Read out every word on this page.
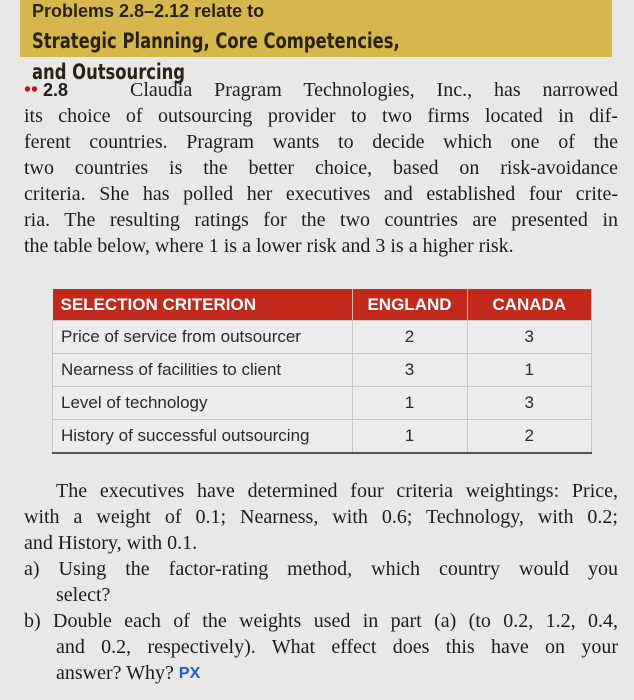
Problems 2.8–2.12 relate to Strategic Planning, Core Competencies,
and Outsourcing
•• 2.8	Claudia Pragram Technologies, Inc., has narrowed
its choice of outsourcing provider to two firms located in dif-
ferent countries. Pragram wants to decide which one of the
two countries is the better choice, based on risk-avoidance
criteria. She has polled her executives and established four crite-
ria. The resulting ratings for the two countries are presented in
the table below, where 1 is a lower risk and 3 is a higher risk.
SELECTION CRITERION	ENGLAND	CANADA
Price of service from outsourcer	2	3
Nearness of facilities to client	3	1
Level of technology	1	3
History of successful outsourcing	1	2
The executives have determined four criteria weightings: Price,
with a weight of 0.1; Nearness, with 0.6; Technology, with 0.2;
and History, with 0.1.
a) Using the factor-rating method, which country would you
select?
b) Double each of the weights used in part (a) (to 0.2, 1.2, 0.4,
and 0.2, respectively). What effect does this have on your
answer? Why? PX
